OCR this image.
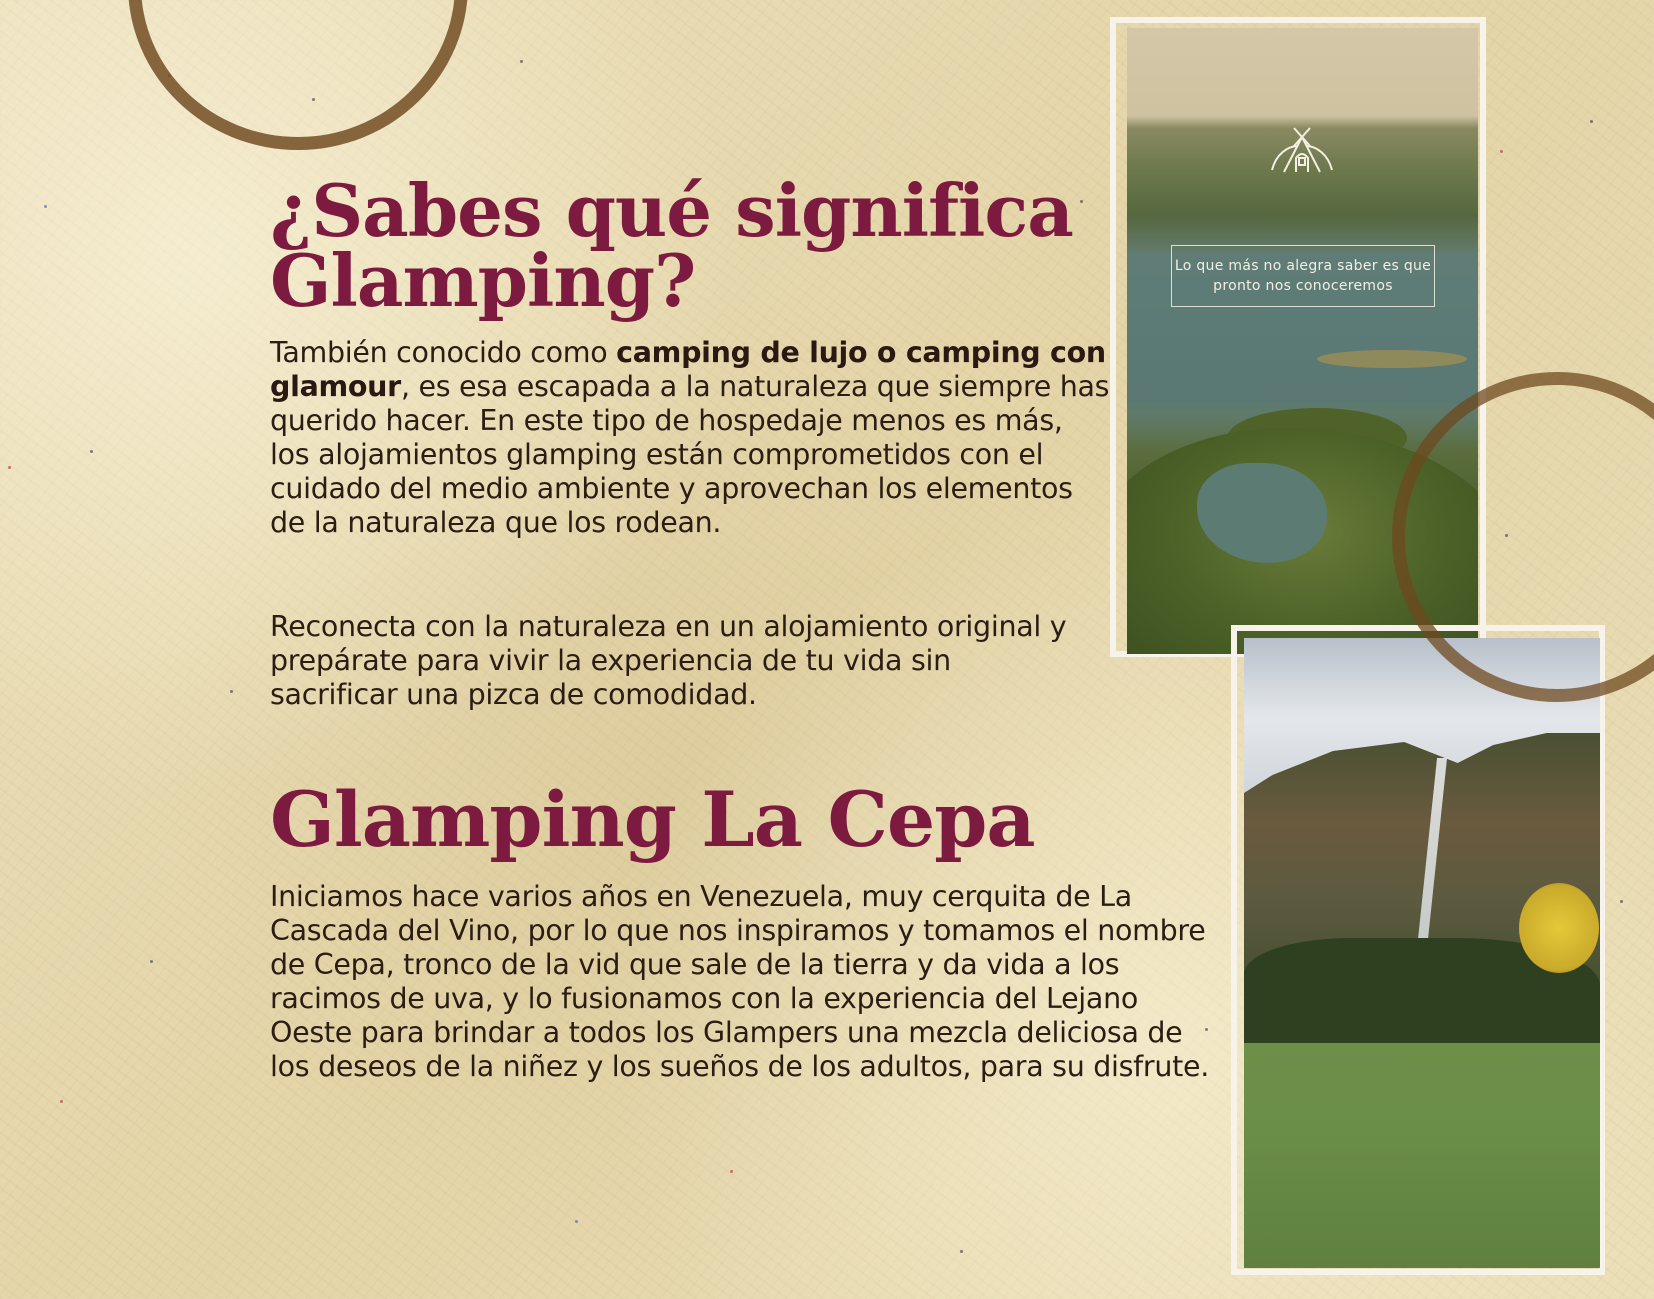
¿Sabes qué significa
Glamping?

También conocido como camping de lujo o camping con glamour, es esa escapada a la naturaleza que siempre has querido hacer. En este tipo de hospedaje menos es más, los alojamientos glamping están comprometidos con el cuidado del medio ambiente y aprovechan los elementos de la naturaleza que los rodean.

Reconecta con la naturaleza en un alojamiento original y prepárate para vivir la experiencia de tu vida sin sacrificar una pizca de comodidad.

Glamping La Cepa

Iniciamos hace varios años en Venezuela, muy cerquita de La Cascada del Vino, por lo que nos inspiramos y tomamos el nombre de Cepa, tronco de la vid que sale de la tierra y da vida a los racimos de uva, y lo fusionamos con la experiencia del Lejano Oeste para brindar a todos los Glampers una mezcla deliciosa de los deseos de la niñez y los sueños de los adultos, para su disfrute.

Lo que más no alegra saber es que pronto nos conoceremos
